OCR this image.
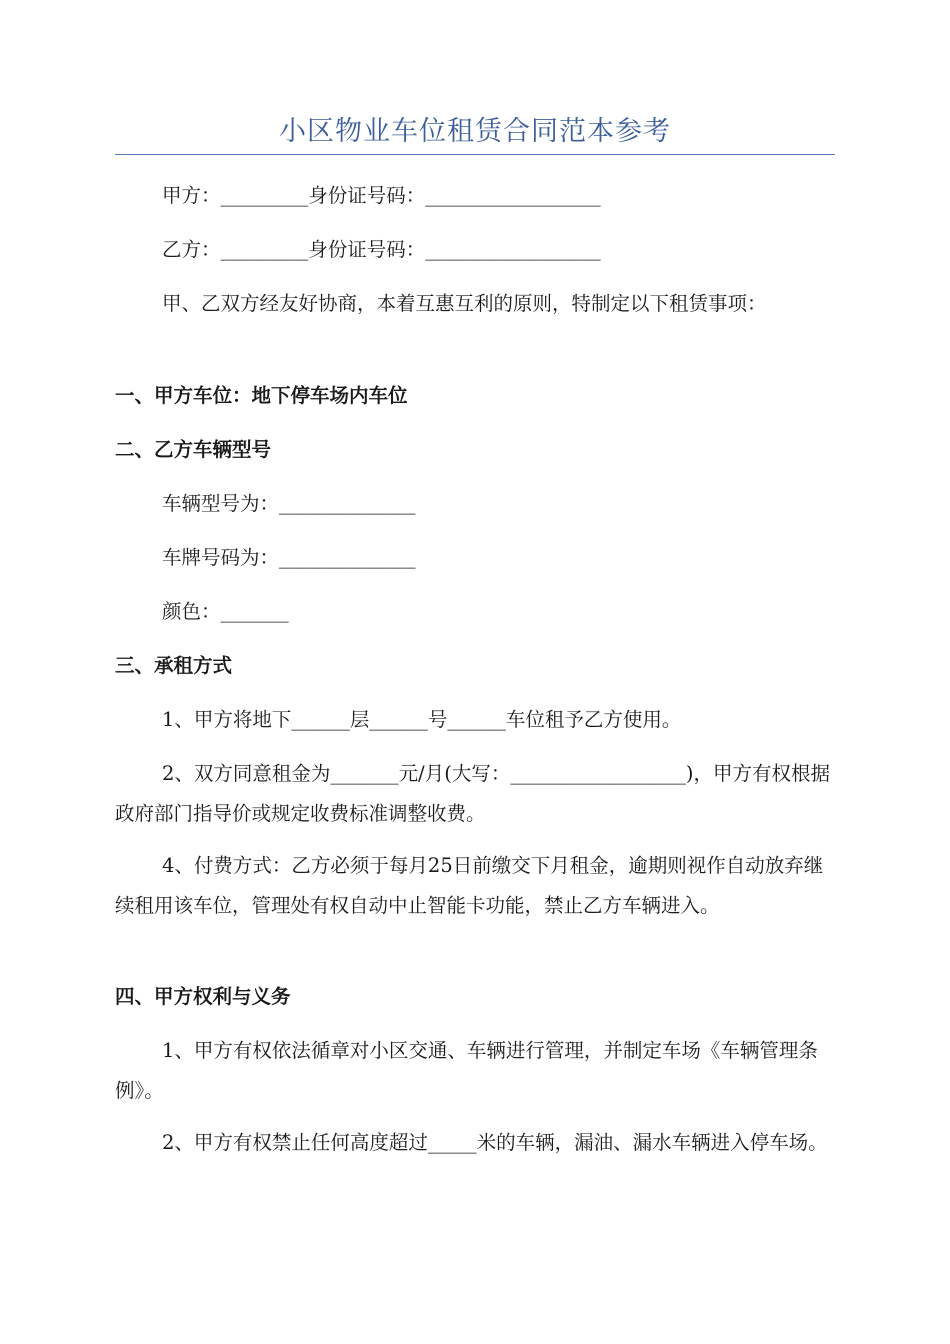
小区物业车位租赁合同范本参考
甲方：_________身份证号码：__________________
乙方：_________身份证号码：__________________
甲、乙双方经友好协商，本着互惠互利的原则，特制定以下租赁事项：
一、甲方车位：地下停车场内车位
二、乙方车辆型号
车辆型号为：______________
车牌号码为：______________
颜色：_______
三、承租方式
1、甲方将地下______层______号______车位租予乙方使用。
2、双方同意租金为_______元/月(大写：__________________)，甲方有权根据政府部门指导价或规定收费标准调整收费。
4、付费方式：乙方必须于每月25日前缴交下月租金，逾期则视作自动放弃继续租用该车位，管理处有权自动中止智能卡功能，禁止乙方车辆进入。
四、甲方权利与义务
1、甲方有权依法循章对小区交通、车辆进行管理，并制定车场《车辆管理条例》。
2、甲方有权禁止任何高度超过_____米的车辆，漏油、漏水车辆进入停车场。
